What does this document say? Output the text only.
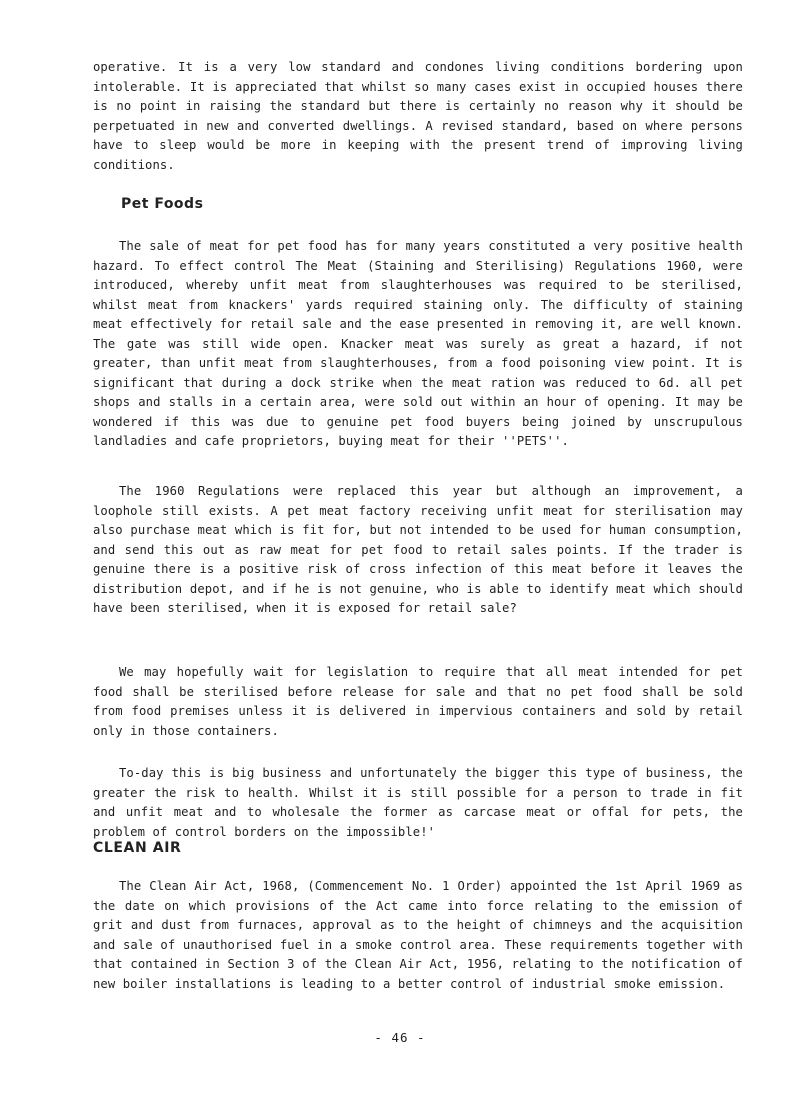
operative. It is a very low standard and condones living conditions bordering upon intolerable. It is appreciated that whilst so many cases exist in occupied houses there is no point in raising the standard but there is certainly no reason why it should be perpetuated in new and converted dwellings. A revised standard, based on where persons have to sleep would be more in keeping with the present trend of improving living conditions.

Pet Foods

The sale of meat for pet food has for many years constituted a very positive health hazard. To effect control The Meat (Staining and Sterilising) Regulations 1960, were introduced, whereby unfit meat from slaughterhouses was required to be sterilised, whilst meat from knackers' yards required staining only. The difficulty of staining meat effectively for retail sale and the ease presented in removing it, are well known. The gate was still wide open. Knacker meat was surely as great a hazard, if not greater, than unfit meat from slaughterhouses, from a food poisoning view point. It is significant that during a dock strike when the meat ration was reduced to 6d. all pet shops and stalls in a certain area, were sold out within an hour of opening. It may be wondered if this was due to genuine pet food buyers being joined by unscrupulous landladies and cafe proprietors, buying meat for their ''PETS''.

The 1960 Regulations were replaced this year but although an improvement, a loophole still exists. A pet meat factory receiving unfit meat for sterilisation may also purchase meat which is fit for, but not intended to be used for human consumption, and send this out as raw meat for pet food to retail sales points. If the trader is genuine there is a positive risk of cross infection of this meat before it leaves the distribution depot, and if he is not genuine, who is able to identify meat which should have been sterilised, when it is exposed for retail sale?

We may hopefully wait for legislation to require that all meat intended for pet food shall be sterilised before release for sale and that no pet food shall be sold from food premises unless it is delivered in impervious containers and sold by retail only in those containers.

To-day this is big business and unfortunately the bigger this type of business, the greater the risk to health. Whilst it is still possible for a person to trade in fit and unfit meat and to wholesale the former as carcase meat or offal for pets, the problem of control borders on the impossible!'

CLEAN AIR

The Clean Air Act, 1968, (Commencement No. 1 Order) appointed the 1st April 1969 as the date on which provisions of the Act came into force relating to the emission of grit and dust from furnaces, approval as to the height of chimneys and the acquisition and sale of unauthorised fuel in a smoke control area. These requirements together with that contained in Section 3 of the Clean Air Act, 1956, relating to the notification of new boiler installations is leading to a better control of industrial smoke emission.

- 46 -
